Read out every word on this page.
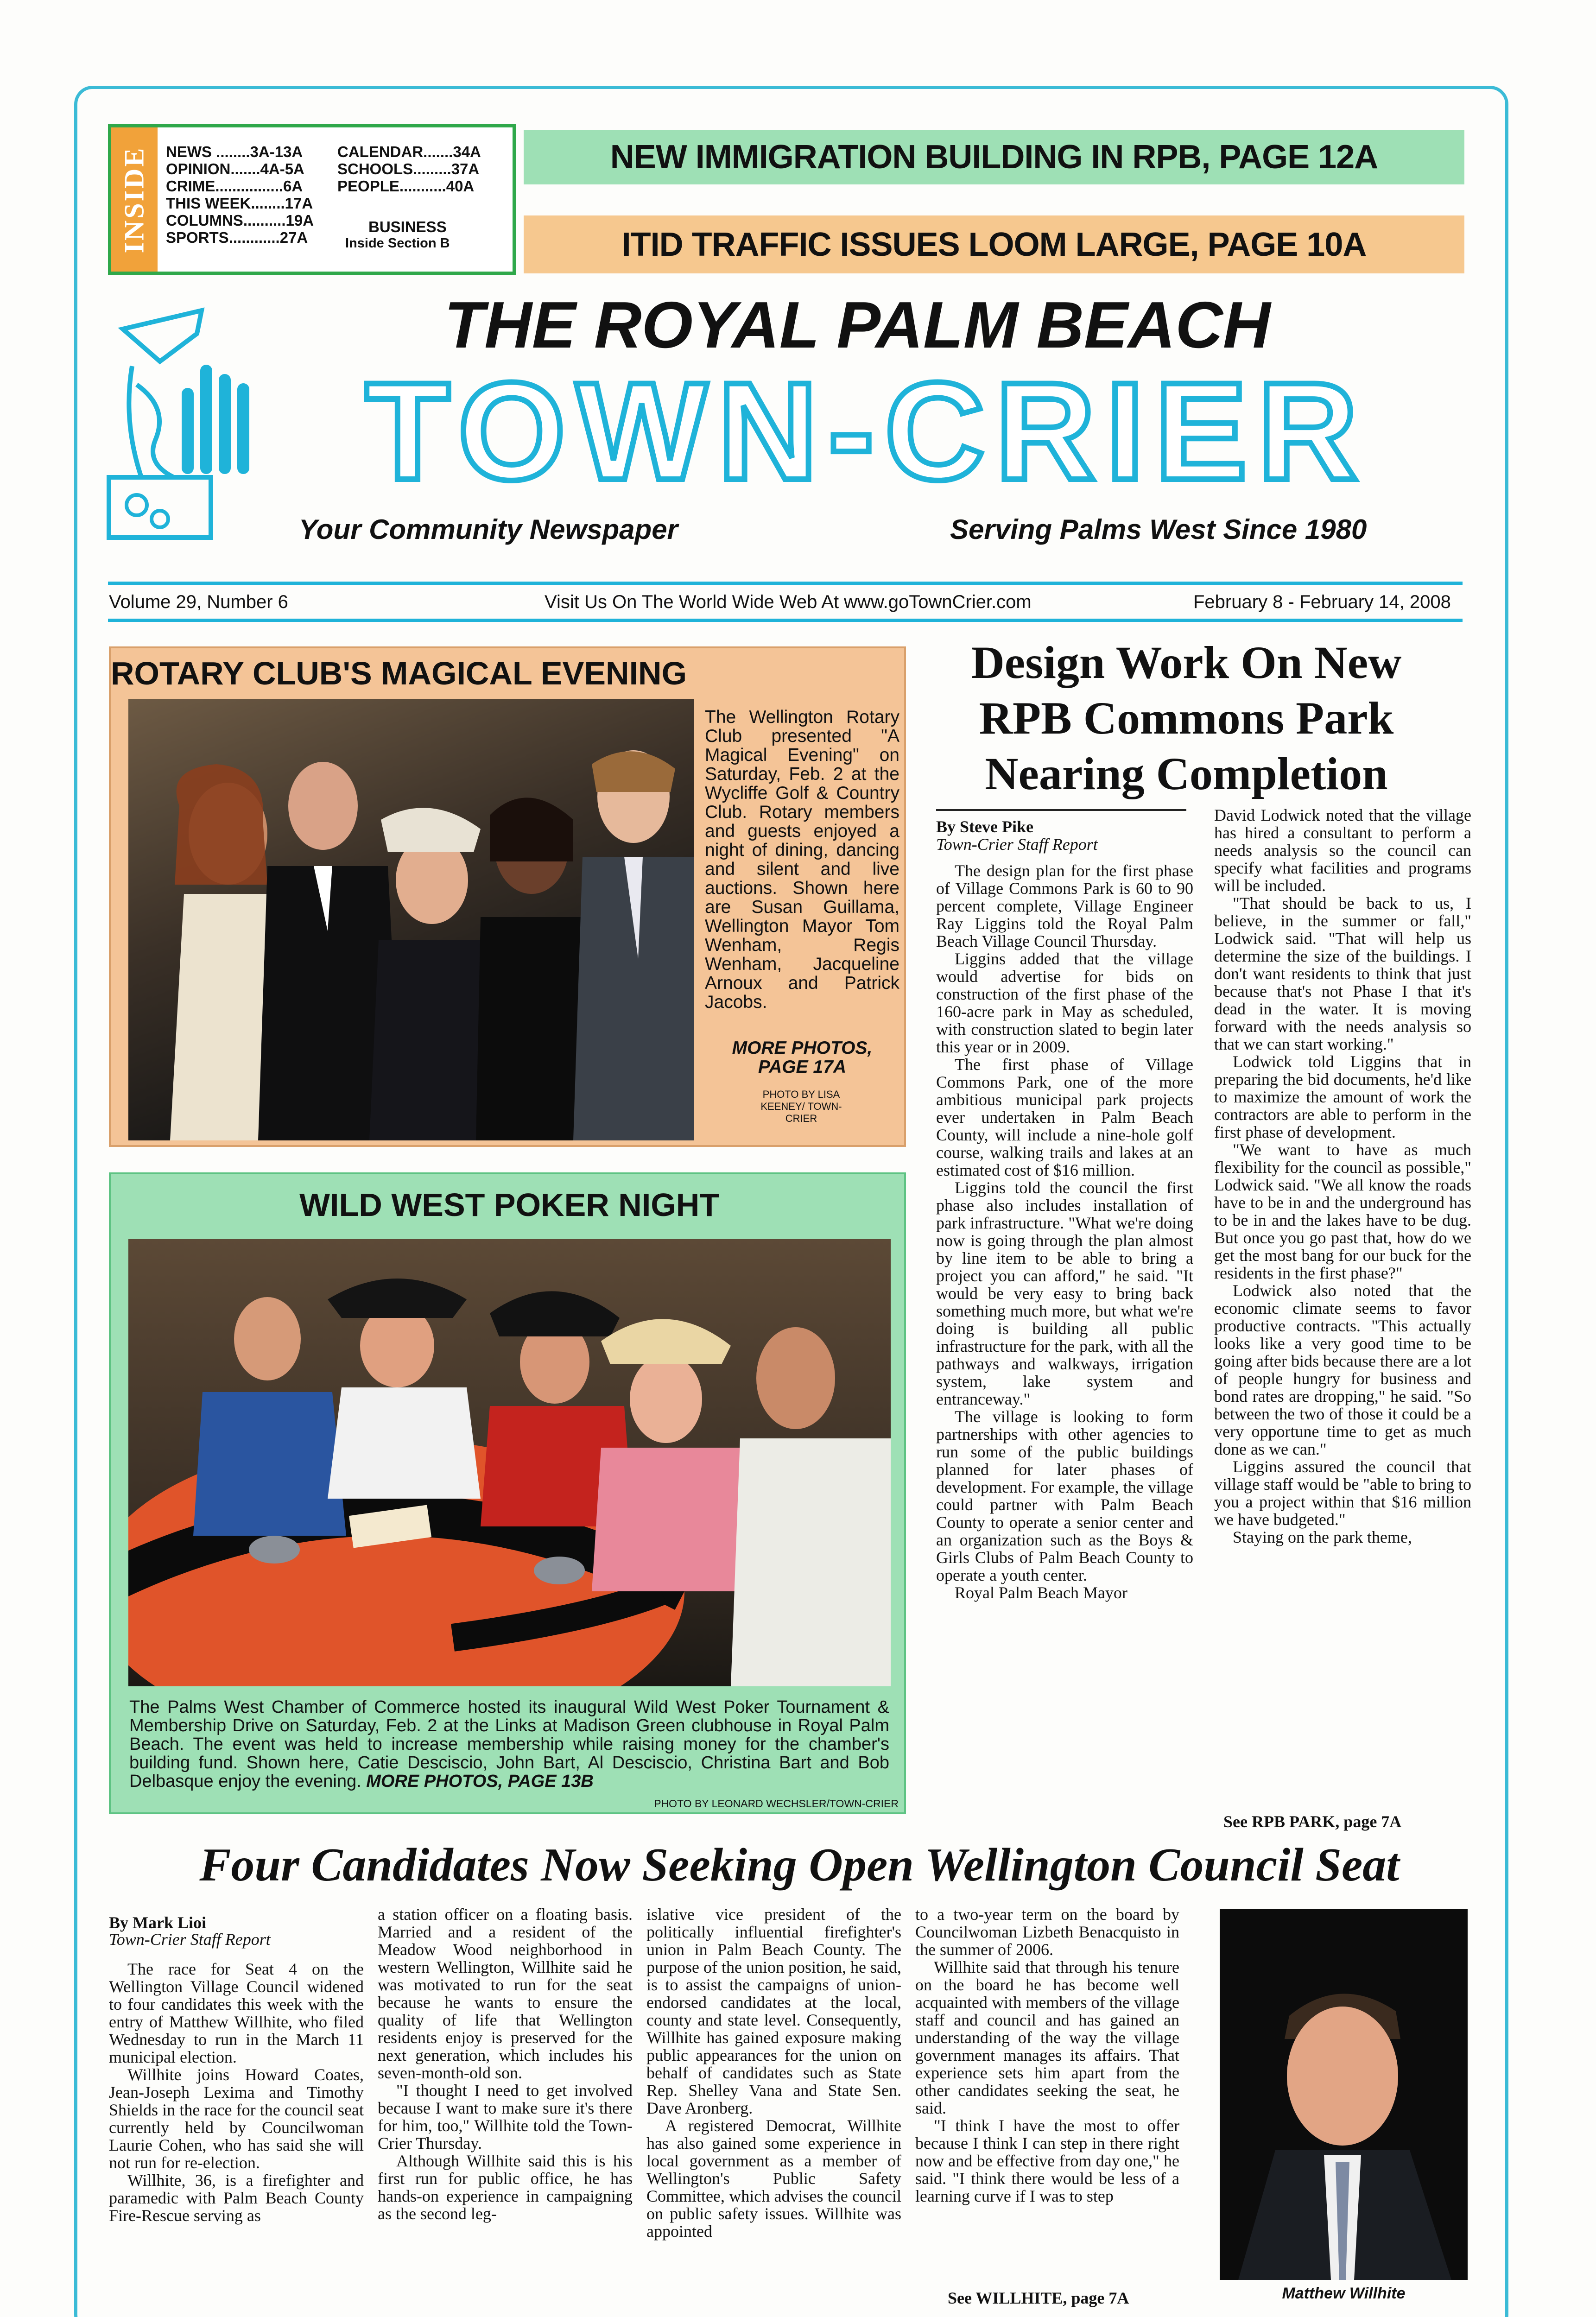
INSIDE NEWS ........3A-13A
OPINION.......4A-5A
CRIME................6A
THIS WEEK........17A
COLUMNS..........19A
SPORTS............27A
CALENDAR.......34A
SCHOOLS.........37A
PEOPLE...........40A
BUSINESS
Inside Section B
NEW IMMIGRATION BUILDING IN RPB, PAGE 12A
ITID TRAFFIC ISSUES LOOM LARGE, PAGE 10A
THE ROYAL PALM BEACH
TOWN-CRIER
Your Community Newspaper	Serving Palms West Since 1980
Volume 29, Number 6	Visit Us On The World Wide Web At www.goTownCrier.com	February 8 - February 14, 2008
ROTARY CLUB'S MAGICAL EVENING
The Wellington Rotary Club presented "A Magical Evening" on Saturday, Feb. 2 at the Wycliffe Golf & Country Club. Rotary members and guests enjoyed a night of dining, dancing and silent and live auctions. Shown here are Susan Guillama, Wellington Mayor Tom Wenham, Regis Wenham, Jacqueline Arnoux and Patrick Jacobs.
MORE PHOTOS, PAGE 17A
PHOTO BY LISA KEENEY/ TOWN-CRIER
WILD WEST POKER NIGHT
The Palms West Chamber of Commerce hosted its inaugural Wild West Poker Tournament & Membership Drive on Saturday, Feb. 2 at the Links at Madison Green clubhouse in Royal Palm Beach. The event was held to increase membership while raising money for the chamber's building fund. Shown here, Catie Desciscio, John Bart, Al Desciscio, Christina Bart and Bob Delbasque enjoy the evening. MORE PHOTOS, PAGE 13B
PHOTO BY LEONARD WECHSLER/TOWN-CRIER
Design Work On New RPB Commons Park Nearing Completion
By Steve Pike
Town-Crier Staff Report

The design plan for the first phase of Village Commons Park is 60 to 90 percent complete, Village Engineer Ray Liggins told the Royal Palm Beach Village Council Thursday.

Liggins added that the village would advertise for bids on construction of the first phase of the 160-acre park in May as scheduled, with construction slated to begin later this year or in 2009.

The first phase of Village Commons Park, one of the more ambitious municipal park projects ever undertaken in Palm Beach County, will include a nine-hole golf course, walking trails and lakes at an estimated cost of $16 million.

Liggins told the council the first phase also includes installation of park infrastructure. "What we're doing now is going through the plan almost by line item to be able to bring a project you can afford," he said. "It would be very easy to bring back something much more, but what we're doing is building all public infrastructure for the park, with all the pathways and walkways, irrigation system, lake system and entranceway."

The village is looking to form partnerships with other agencies to run some of the public buildings planned for later phases of development. For example, the village could partner with Palm Beach County to operate a senior center and an organization such as the Boys & Girls Clubs of Palm Beach County to operate a youth center.

Royal Palm Beach Mayor

David Lodwick noted that the village has hired a consultant to perform a needs analysis so the council can specify what facilities and programs will be included.

"That should be back to us, I believe, in the summer or fall," Lodwick said. "That will help us determine the size of the buildings. I don't want residents to think that just because that's not Phase I that it's dead in the water. It is moving forward with the needs analysis so that we can start working."

Lodwick told Liggins that in preparing the bid documents, he'd like to maximize the amount of work the contractors are able to perform in the first phase of development.

"We want to have as much flexibility for the council as possible," Lodwick said. "We all know the roads have to be in and the underground has to be in and the lakes have to be dug. But once you go past that, how do we get the most bang for our buck for the residents in the first phase?"

Lodwick also noted that the economic climate seems to favor productive contracts. "This actually looks like a very good time to be going after bids because there are a lot of people hungry for business and bond rates are dropping," he said. "So between the two of those it could be a very opportune time to get as much done as we can."

Liggins assured the council that village staff would be "able to bring to you a project within that $16 million we have budgeted."

Staying on the park theme,

See RPB PARK, page 7A
Four Candidates Now Seeking Open Wellington Council Seat
By Mark Lioi
Town-Crier Staff Report

The race for Seat 4 on the Wellington Village Council widened to four candidates this week with the entry of Matthew Willhite, who filed Wednesday to run in the March 11 municipal election.

Willhite joins Howard Coates, Jean-Joseph Lexima and Timothy Shields in the race for the council seat currently held by Councilwoman Laurie Cohen, who has said she will not run for re-election.

Willhite, 36, is a firefighter and paramedic with Palm Beach County Fire-Rescue serving as

a station officer on a floating basis. Married and a resident of the Meadow Wood neighborhood in western Wellington, Willhite said he was motivated to run for the seat because he wants to ensure the quality of life that Wellington residents enjoy is preserved for the next generation, which includes his seven-month-old son.

"I thought I need to get involved because I want to make sure it's there for him, too," Willhite told the Town-Crier Thursday.

Although Willhite said this is his first run for public office, he has hands-on experience in campaigning as the second leg-

islative vice president of the politically influential firefighter's union in Palm Beach County. The purpose of the union position, he said, is to assist the campaigns of union-endorsed candidates at the local, county and state level. Consequently, Willhite has gained exposure making public appearances for the union on behalf of candidates such as State Rep. Shelley Vana and State Sen. Dave Aronberg.

A registered Democrat, Willhite has also gained some experience in local government as a member of Wellington's Public Safety Committee, which advises the council on public safety issues. Willhite was appointed

to a two-year term on the board by Councilwoman Lizbeth Benacquisto in the summer of 2006.

Willhite said that through his tenure on the board he has become well acquainted with members of the village staff and council and has gained an understanding of the way the village government manages its affairs. That experience sets him apart from the other candidates seeking the seat, he said.

"I think I have the most to offer because I think I can step in there right now and be effective from day one," he said. "I think there would be less of a learning curve if I was to step

See WILLHITE, page 7A	Matthew Willhite
